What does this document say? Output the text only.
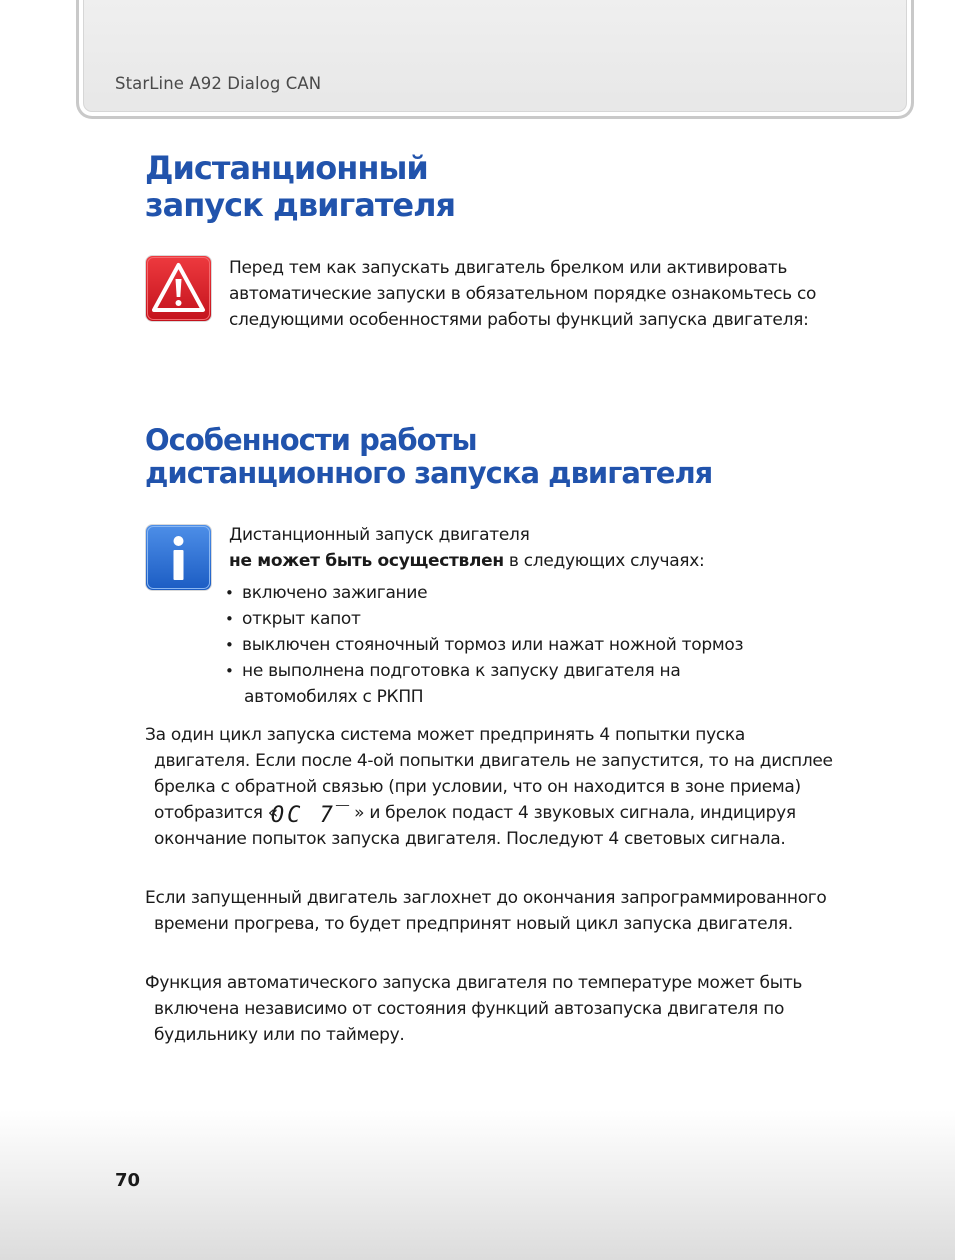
StarLine A92 Dialog CAN
Дистанционный
запуск двигателя
Перед тем как запускать двигатель брелком или активировать автоматические запуски в обязательном порядке ознакомьтесь со следующими особенностями работы функций запуска двигателя:
Особенности работы
дистанционного запуска двигателя
Дистанционный запуск двигателя
не может быть осуществлен в следующих случаях:
• включено зажигание
• открыт капот
• выключен стояночный тормоз или нажат ножной тормоз
• не выполнена подготовка к запуску двигателя на
автомобилях с РКПП
За один цикл запуска система может предпринять 4 попытки пуска двигателя. Если после 4-ой попытки двигатель не запустится, то на дисплее брелка с обратной связью (при условии, что он находится в зоне приема) отобразится «OC 7‾ » и брелок подаст 4 звуковых сигнала, индицируя окончание попыток запуска двигателя. Последуют 4 световых сигнала.
Если запущенный двигатель заглохнет до окончания запрограммированного времени прогрева, то будет предпринят новый цикл запуска двигателя.
Функция автоматического запуска двигателя по температуре может быть включена независимо от состояния функций автозапуска двигателя по будильнику или по таймеру.
70
